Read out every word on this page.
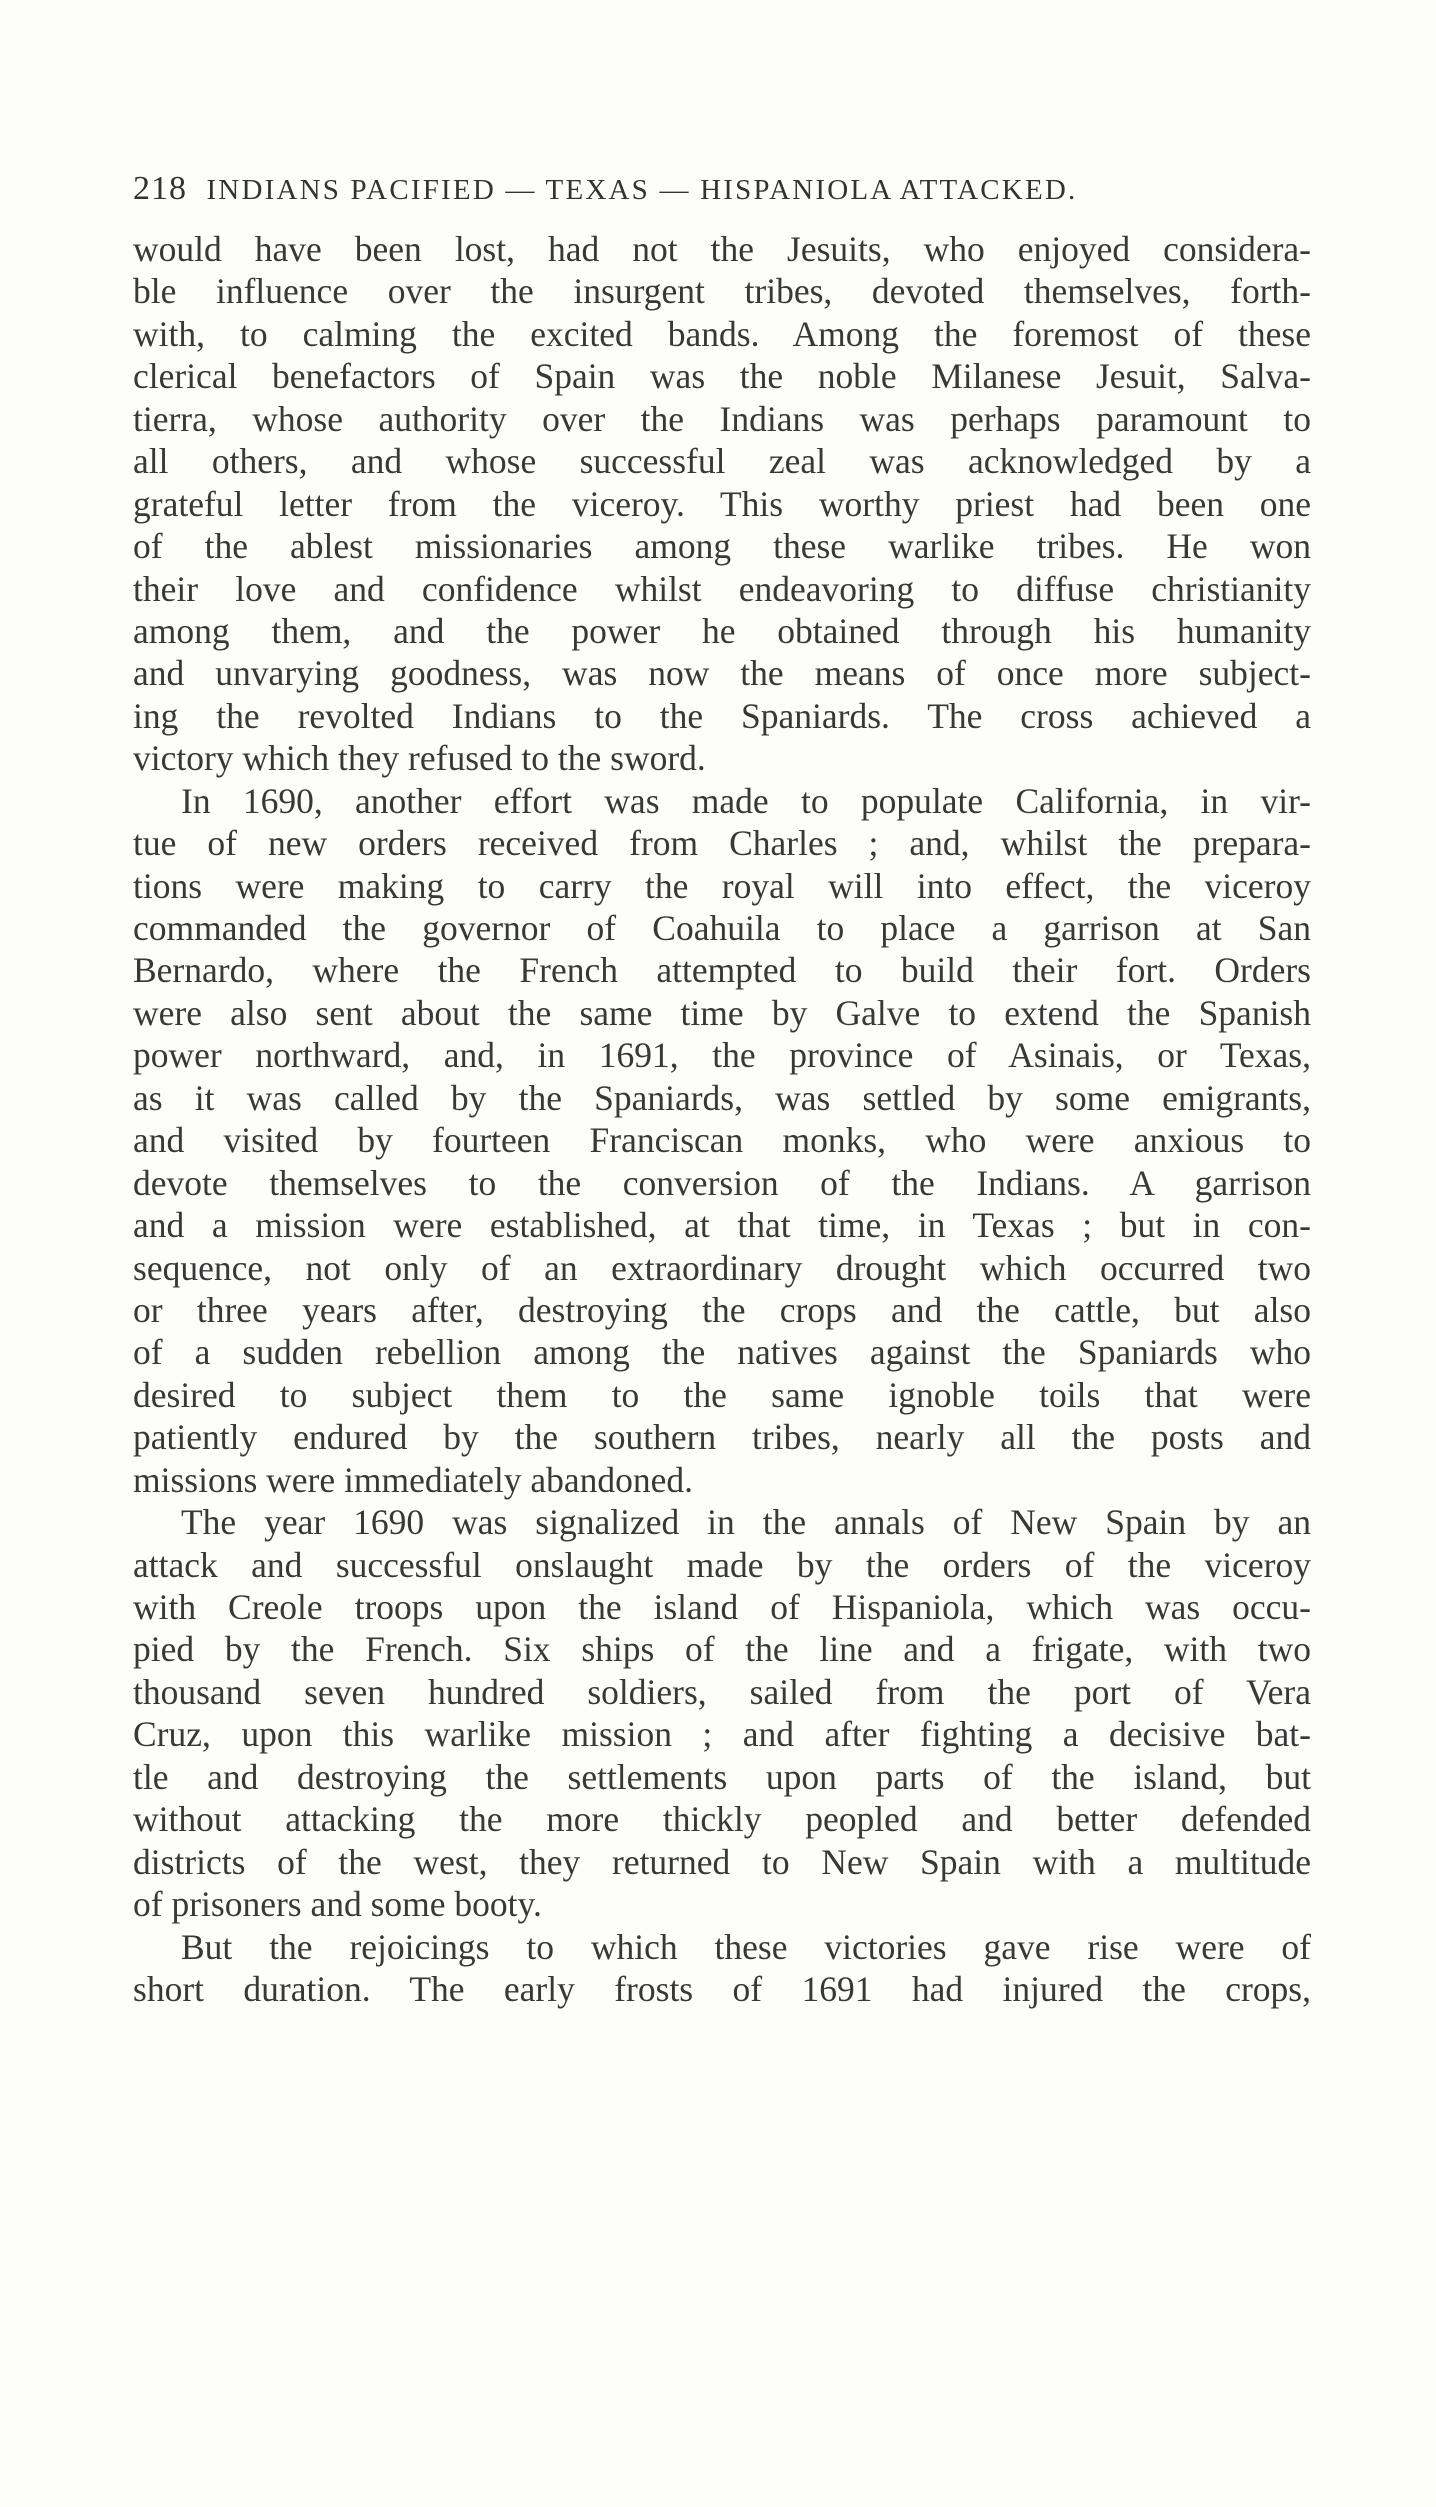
218 INDIANS PACIFIED — TEXAS — HISPANIOLA ATTACKED.
would have been lost, had not the Jesuits, who enjoyed considera-
ble influence over the insurgent tribes, devoted themselves, forth-
with, to calming the excited bands. Among the foremost of these
clerical benefactors of Spain was the noble Milanese Jesuit, Salva-
tierra, whose authority over the Indians was perhaps paramount to
all others, and whose successful zeal was acknowledged by a
grateful letter from the viceroy. This worthy priest had been one
of the ablest missionaries among these warlike tribes. He won
their love and confidence whilst endeavoring to diffuse christianity
among them, and the power he obtained through his humanity
and unvarying goodness, was now the means of once more subject-
ing the revolted Indians to the Spaniards. The cross achieved a
victory which they refused to the sword.
In 1690, another effort was made to populate California, in vir-
tue of new orders received from Charles ; and, whilst the prepara-
tions were making to carry the royal will into effect, the viceroy
commanded the governor of Coahuila to place a garrison at San
Bernardo, where the French attempted to build their fort. Orders
were also sent about the same time by Galve to extend the Spanish
power northward, and, in 1691, the province of Asinais, or Texas,
as it was called by the Spaniards, was settled by some emigrants,
and visited by fourteen Franciscan monks, who were anxious to
devote themselves to the conversion of the Indians. A garrison
and a mission were established, at that time, in Texas ; but in con-
sequence, not only of an extraordinary drought which occurred two
or three years after, destroying the crops and the cattle, but also
of a sudden rebellion among the natives against the Spaniards who
desired to subject them to the same ignoble toils that were
patiently endured by the southern tribes, nearly all the posts and
missions were immediately abandoned.
The year 1690 was signalized in the annals of New Spain by an
attack and successful onslaught made by the orders of the viceroy
with Creole troops upon the island of Hispaniola, which was occu-
pied by the French. Six ships of the line and a frigate, with two
thousand seven hundred soldiers, sailed from the port of Vera
Cruz, upon this warlike mission ; and after fighting a decisive bat-
tle and destroying the settlements upon parts of the island, but
without attacking the more thickly peopled and better defended
districts of the west, they returned to New Spain with a multitude
of prisoners and some booty.
But the rejoicings to which these victories gave rise were of
short duration. The early frosts of 1691 had injured the crops,
